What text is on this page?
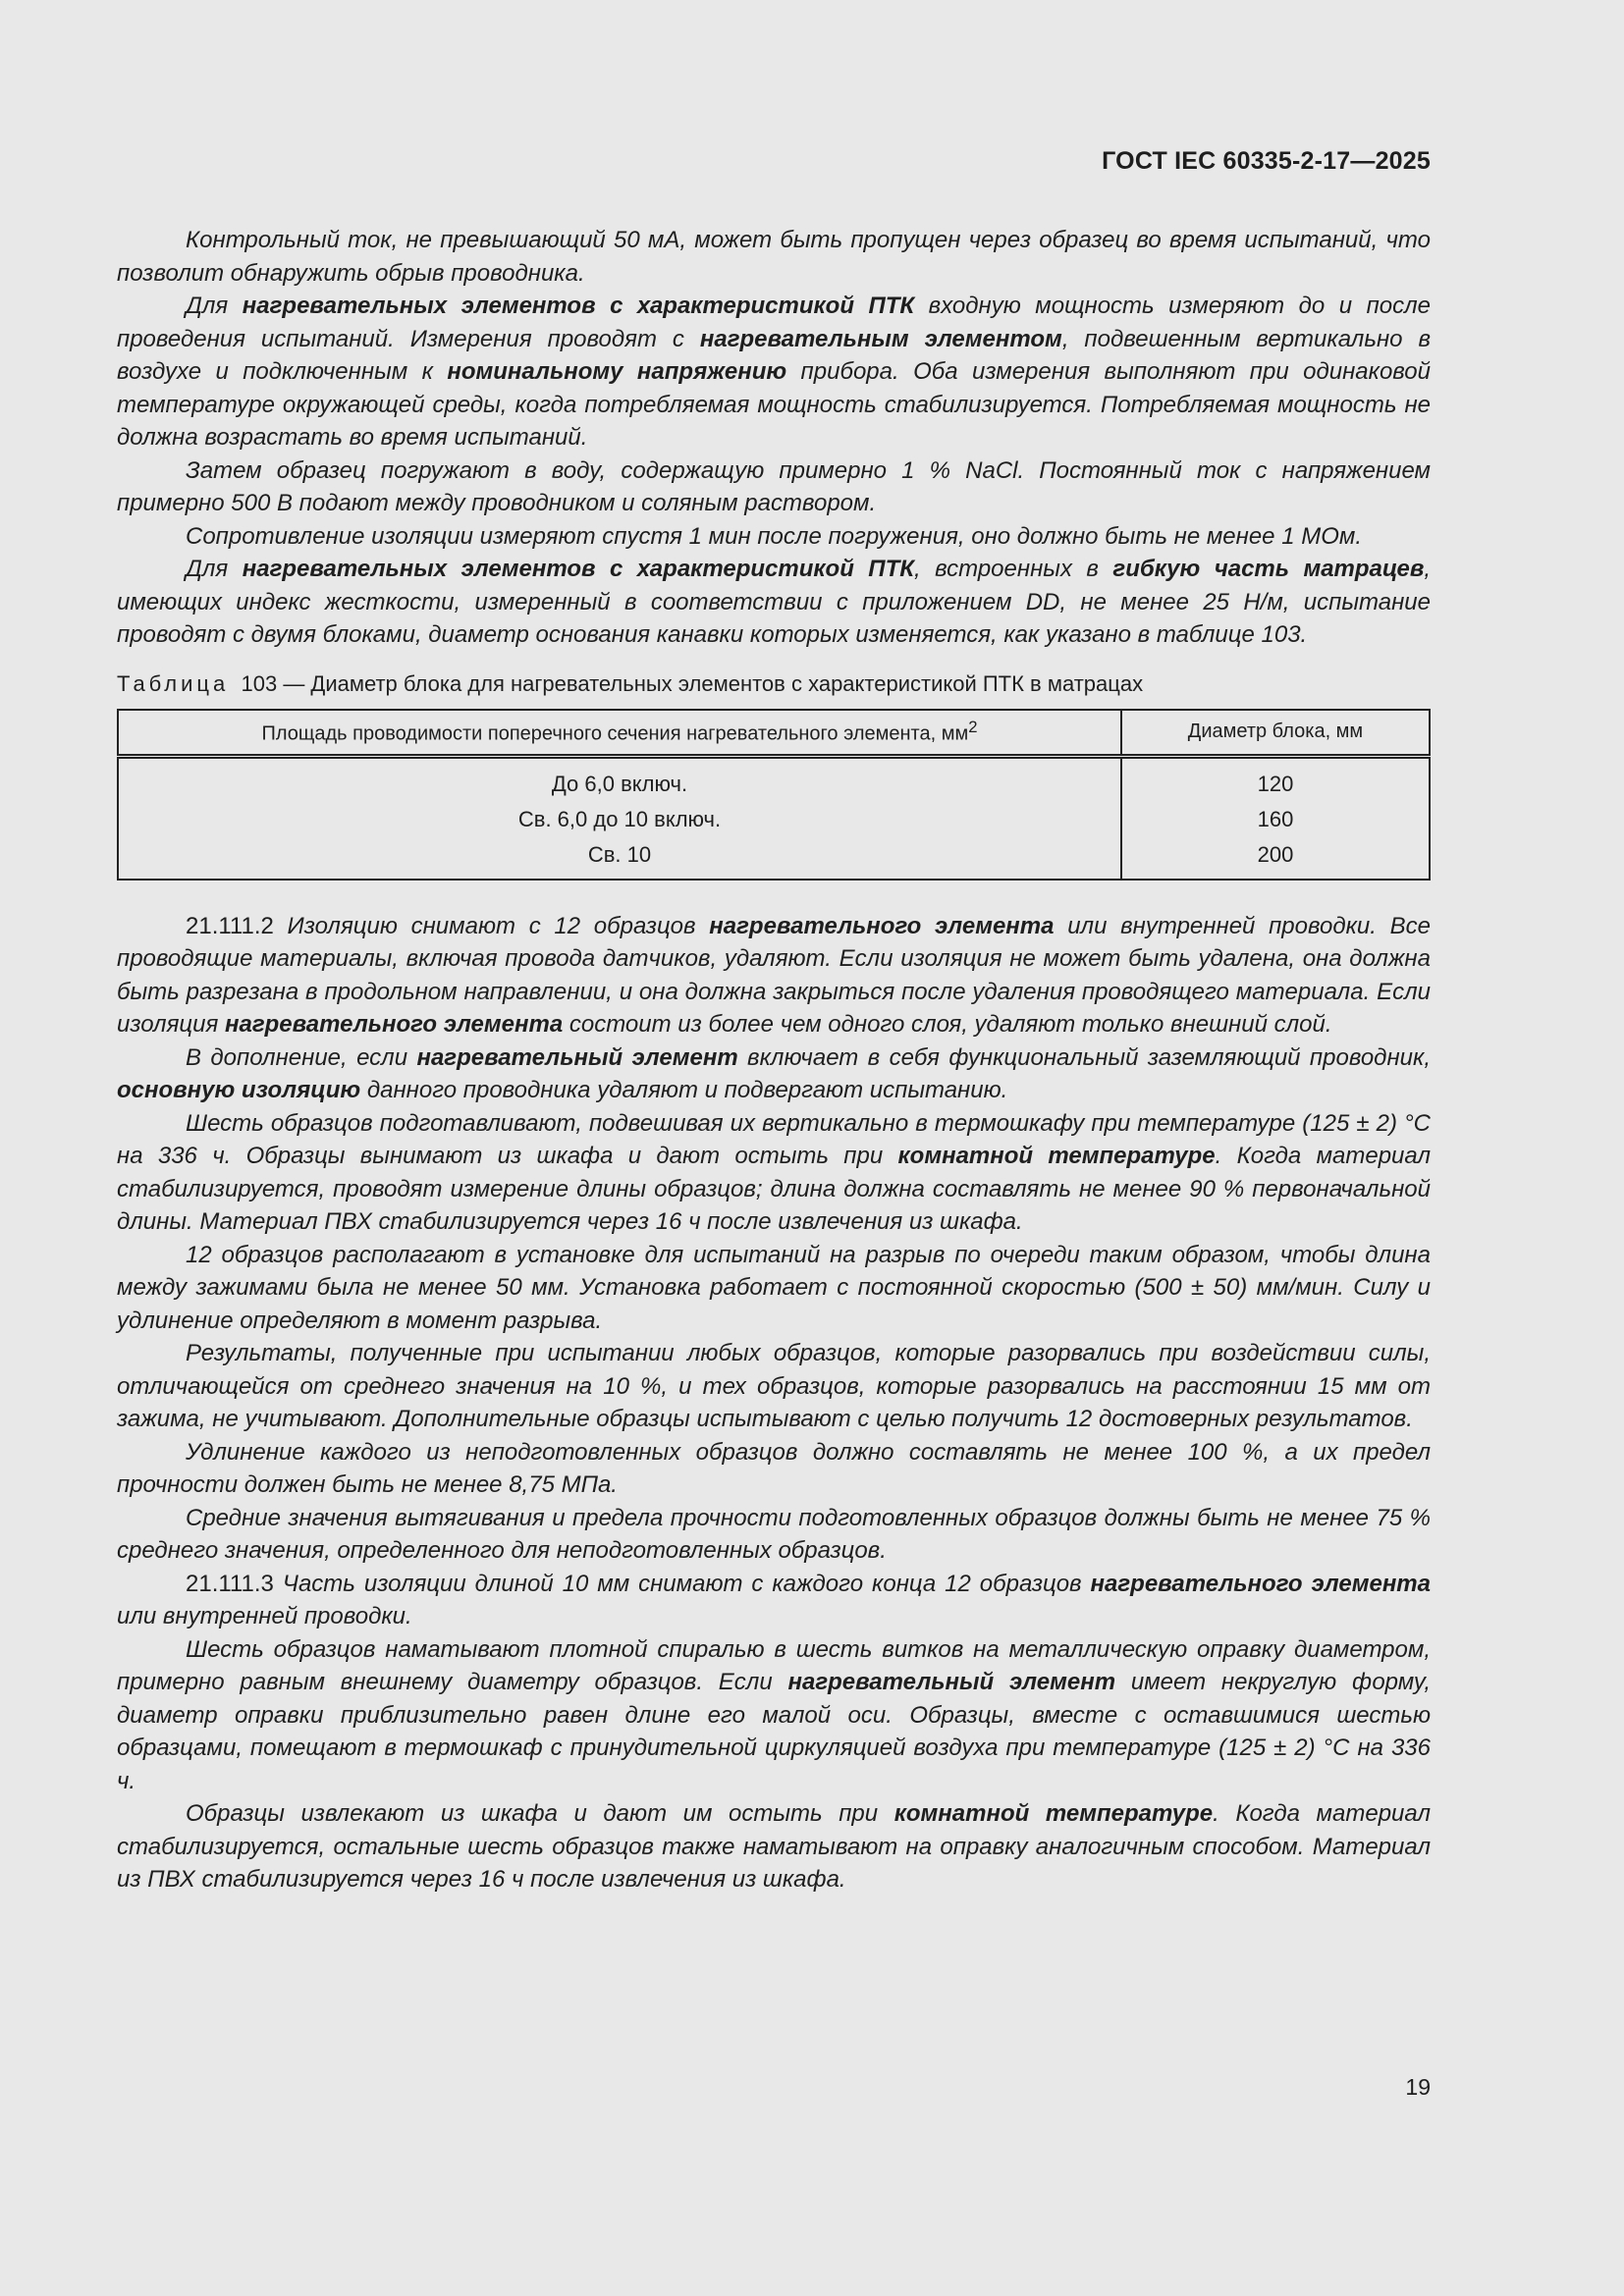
ГОСТ IEC 60335-2-17—2025

Контрольный ток, не превышающий 50 мА, может быть пропущен через образец во время испытаний, что позволит обнаружить обрыв проводника.

Для нагревательных элементов с характеристикой ПТК входную мощность измеряют до и после проведения испытаний. Измерения проводят с нагревательным элементом, подвешенным вертикально в воздухе и подключенным к номинальному напряжению прибора. Оба измерения выполняют при одинаковой температуре окружающей среды, когда потребляемая мощность стабилизируется. Потребляемая мощность не должна возрастать во время испытаний.

Затем образец погружают в воду, содержащую примерно 1 % NaCl. Постоянный ток с напряжением примерно 500 В подают между проводником и соляным раствором.

Сопротивление изоляции измеряют спустя 1 мин после погружения, оно должно быть не менее 1 МОм.

Для нагревательных элементов с характеристикой ПТК, встроенных в гибкую часть матрацев, имеющих индекс жесткости, измеренный в соответствии с приложением DD, не менее 25 Н/м, испытание проводят с двумя блоками, диаметр основания канавки которых изменяется, как указано в таблице 103.

Таблица 103 — Диаметр блока для нагревательных элементов с характеристикой ПТК в матрацах
Площадь проводимости поперечного сечения нагревательного элемента, $мм^2$	Диаметр блока, мм
До 6,0 включ.	120
Св. 6,0 до 10 включ.	160
Св. 10	200

21.111.2 Изоляцию снимают с 12 образцов нагревательного элемента или внутренней проводки. Все проводящие материалы, включая провода датчиков, удаляют. Если изоляция не может быть удалена, она должна быть разрезана в продольном направлении, и она должна закрыться после удаления проводящего материала. Если изоляция нагревательного элемента состоит из более чем одного слоя, удаляют только внешний слой.

В дополнение, если нагревательный элемент включает в себя функциональный заземляющий проводник, основную изоляцию данного проводника удаляют и подвергают испытанию.

Шесть образцов подготавливают, подвешивая их вертикально в термошкафу при температуре (125 ± 2) °С на 336 ч. Образцы вынимают из шкафа и дают остыть при комнатной температуре. Когда материал стабилизируется, проводят измерение длины образцов; длина должна составлять не менее 90 % первоначальной длины. Материал ПВХ стабилизируется через 16 ч после извлечения из шкафа.

12 образцов располагают в установке для испытаний на разрыв по очереди таким образом, чтобы длина между зажимами была не менее 50 мм. Установка работает с постоянной скоростью (500 ± 50) мм/мин. Силу и удлинение определяют в момент разрыва.

Результаты, полученные при испытании любых образцов, которые разорвались при воздействии силы, отличающейся от среднего значения на 10 %, и тех образцов, которые разорвались на расстоянии 15 мм от зажима, не учитывают. Дополнительные образцы испытывают с целью получить 12 достоверных результатов.

Удлинение каждого из неподготовленных образцов должно составлять не менее 100 %, а их предел прочности должен быть не менее 8,75 МПа.

Средние значения вытягивания и предела прочности подготовленных образцов должны быть не менее 75 % среднего значения, определенного для неподготовленных образцов.

21.111.3 Часть изоляции длиной 10 мм снимают с каждого конца 12 образцов нагревательного элемента или внутренней проводки.

Шесть образцов наматывают плотной спиралью в шесть витков на металлическую оправку диаметром, примерно равным внешнему диаметру образцов. Если нагревательный элемент имеет некруглую форму, диаметр оправки приблизительно равен длине его малой оси. Образцы, вместе с оставшимися шестью образцами, помещают в термошкаф с принудительной циркуляцией воздуха при температуре (125 ± 2) °С на 336 ч.

Образцы извлекают из шкафа и дают им остыть при комнатной температуре. Когда материал стабилизируется, остальные шесть образцов также наматывают на оправку аналогичным способом. Материал из ПВХ стабилизируется через 16 ч после извлечения из шкафа.

19
